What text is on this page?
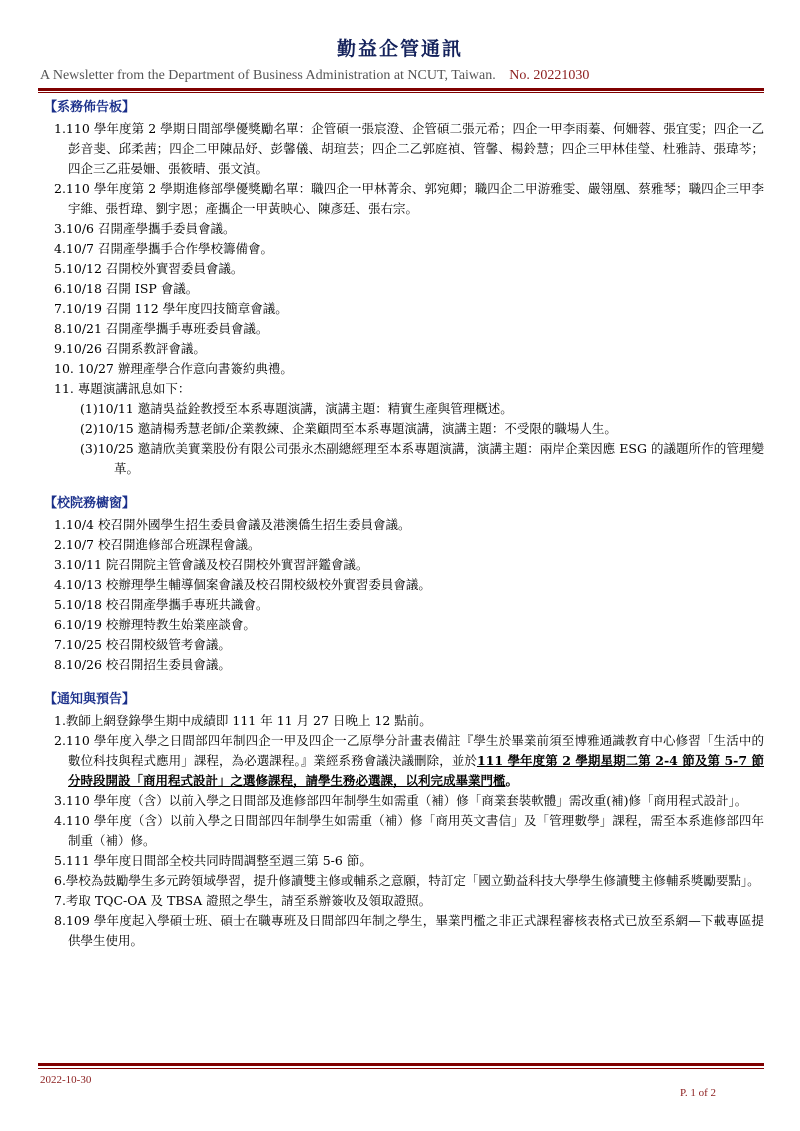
勤益企管通訊
A Newsletter from the Department of Business Administration at NCUT, Taiwan. No. 20221030
【系務佈告板】
1.110 學年度第 2 學期日間部學優獎勵名單：企管碩一張宸澄、企管碩二張元希；四企一甲李雨蓁、何姍蓉、張宜雯；四企一乙彭音斐、邱柔茜；四企二甲陳品妤、彭馨儀、胡瑄芸；四企二乙郭庭禎、管馨、楊鈴慧；四企三甲林佳瑩、杜雅詩、張瑋芩；四企三乙莊晏姍、張筱晴、張文湞。
2.110 學年度第 2 學期進修部學優獎勵名單：職四企一甲林菁余、郭宛卿；職四企二甲游雅雯、嚴翎凰、蔡雅琴；職四企三甲李宇維、張哲瑋、劉宇恩；產攜企一甲黃映心、陳彥廷、張右宗。
3.10/6 召開產學攜手委員會議。
4.10/7 召開產學攜手合作學校籌備會。
5.10/12 召開校外實習委員會議。
6.10/18 召開 ISP 會議。
7.10/19 召開 112 學年度四技簡章會議。
8.10/21 召開產學攜手專班委員會議。
9.10/26 召開系教評會議。
10. 10/27 辦理產學合作意向書簽約典禮。
11. 專題演講訊息如下：
(1)10/11 邀請吳益銓教授至本系專題演講，演講主題：精實生產與管理概述。
(2)10/15 邀請楊秀慧老師/企業教練、企業顧問至本系專題演講，演講主題：不受限的職場人生。
(3)10/25 邀請欣美實業股份有限公司張永杰副總經理至本系專題演講，演講主題：兩岸企業因應 ESG 的議題所作的管理變革。
【校院務櫥窗】
1.10/4 校召開外國學生招生委員會議及港澳僑生招生委員會議。
2.10/7 校召開進修部合班課程會議。
3.10/11 院召開院主管會議及校召開校外實習評鑑會議。
4.10/13 校辦理學生輔導個案會議及校召開校級校外實習委員會議。
5.10/18 校召開產學攜手專班共識會。
6.10/19 校辦理特教生始業座談會。
7.10/25 校召開校級管考會議。
8.10/26 校召開招生委員會議。
【通知與預告】
1.教師上網登錄學生期中成績即 111 年 11 月 27 日晚上 12 點前。
2.110 學年度入學之日間部四年制四企一甲及四企一乙原學分計畫表備註『學生於畢業前須至博雅通識教育中心修習「生活中的數位科技與程式應用」課程，為必選課程。』業經系務會議決議刪除，並於111 學年度第 2 學期星期二第 2-4 節及第 5-7 節分時段開設「商用程式設計」之選修課程，請學生務必選課，以利完成畢業門檻。
3.110 學年度（含）以前入學之日間部及進修部四年制學生如需重（補）修「商業套裝軟體」需改重(補)修「商用程式設計」。
4.110 學年度（含）以前入學之日間部四年制學生如需重（補）修「商用英文書信」及「管理數學」課程，需至本系進修部四年制重（補）修。
5.111 學年度日間部全校共同時間調整至週三第 5-6 節。
6.學校為鼓勵學生多元跨領域學習，提升修讀雙主修或輔系之意願，特訂定「國立勤益科技大學學生修讀雙主修輔系獎勵要點」。
7.考取 TQC-OA 及 TBSA 證照之學生，請至系辦簽收及領取證照。
8.109 學年度起入學碩士班、碩士在職專班及日間部四年制之學生，畢業門檻之非正式課程審核表格式已放至系網—下載專區提供學生使用。
2022-10-30
P. 1 of 2
